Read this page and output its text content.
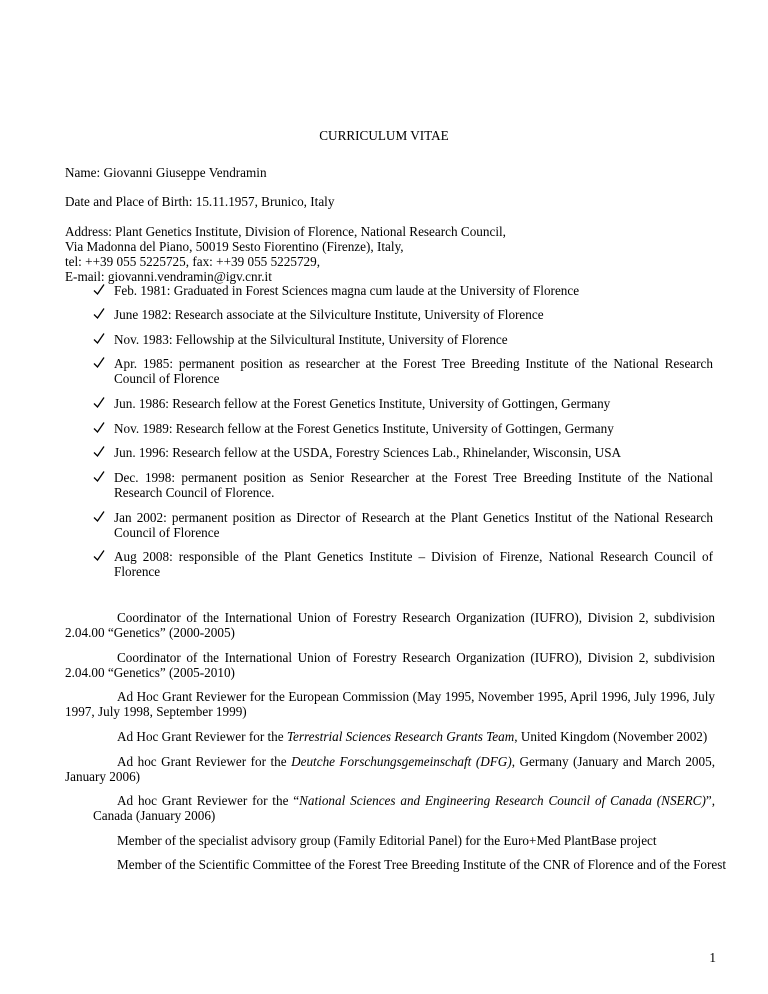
CURRICULUM VITAE
Name: Giovanni Giuseppe Vendramin
Date and Place of Birth: 15.11.1957, Brunico, Italy
Address: Plant Genetics Institute, Division of Florence, National Research Council,
Via Madonna del Piano, 50019 Sesto Fiorentino (Firenze), Italy,
tel: ++39 055 5225725, fax: ++39 055 5225729,
E-mail: giovanni.vendramin@igv.cnr.it
Feb. 1981: Graduated in Forest Sciences magna cum laude at the University of Florence
June 1982: Research associate at the Silviculture Institute, University of Florence
Nov. 1983: Fellowship at the Silvicultural Institute, University of Florence
Apr. 1985: permanent position as researcher at the Forest Tree Breeding Institute of the National Research Council of Florence
Jun. 1986: Research fellow at the Forest Genetics Institute, University of Gottingen, Germany
Nov. 1989: Research fellow at the Forest Genetics Institute, University of Gottingen, Germany
Jun. 1996: Research fellow at the USDA, Forestry Sciences Lab., Rhinelander, Wisconsin, USA
Dec. 1998: permanent position as Senior Researcher at the Forest Tree Breeding Institute of the National Research Council of Florence.
Jan 2002: permanent position as Director of Research at the Plant Genetics Institut of the National Research Council of Florence
Aug 2008: responsible of the Plant Genetics Institute – Division of Firenze, National Research Council of Florence
Coordinator of the International Union of Forestry Research Organization (IUFRO), Division 2, subdivision 2.04.00 “Genetics” (2000-2005)
Coordinator of the International Union of Forestry Research Organization (IUFRO), Division 2, subdivision 2.04.00 “Genetics” (2005-2010)
Ad Hoc Grant Reviewer for the European Commission (May 1995, November 1995, April 1996, July 1996, July 1997, July 1998, September 1999)
Ad Hoc Grant Reviewer for the Terrestrial Sciences Research Grants Team, United Kingdom (November 2002)
Ad hoc Grant Reviewer for the Deutche Forschungsgemeinschaft (DFG), Germany (January and March 2005, January 2006)
Ad hoc Grant Reviewer for the “National Sciences and Engineering Research Council of Canada (NSERC)”, Canada (January 2006)
Member of the specialist advisory group (Family Editorial Panel) for the Euro+Med PlantBase project
Member of the Scientific Committee of the Forest Tree Breeding Institute of the CNR of Florence and of the Forest
1
